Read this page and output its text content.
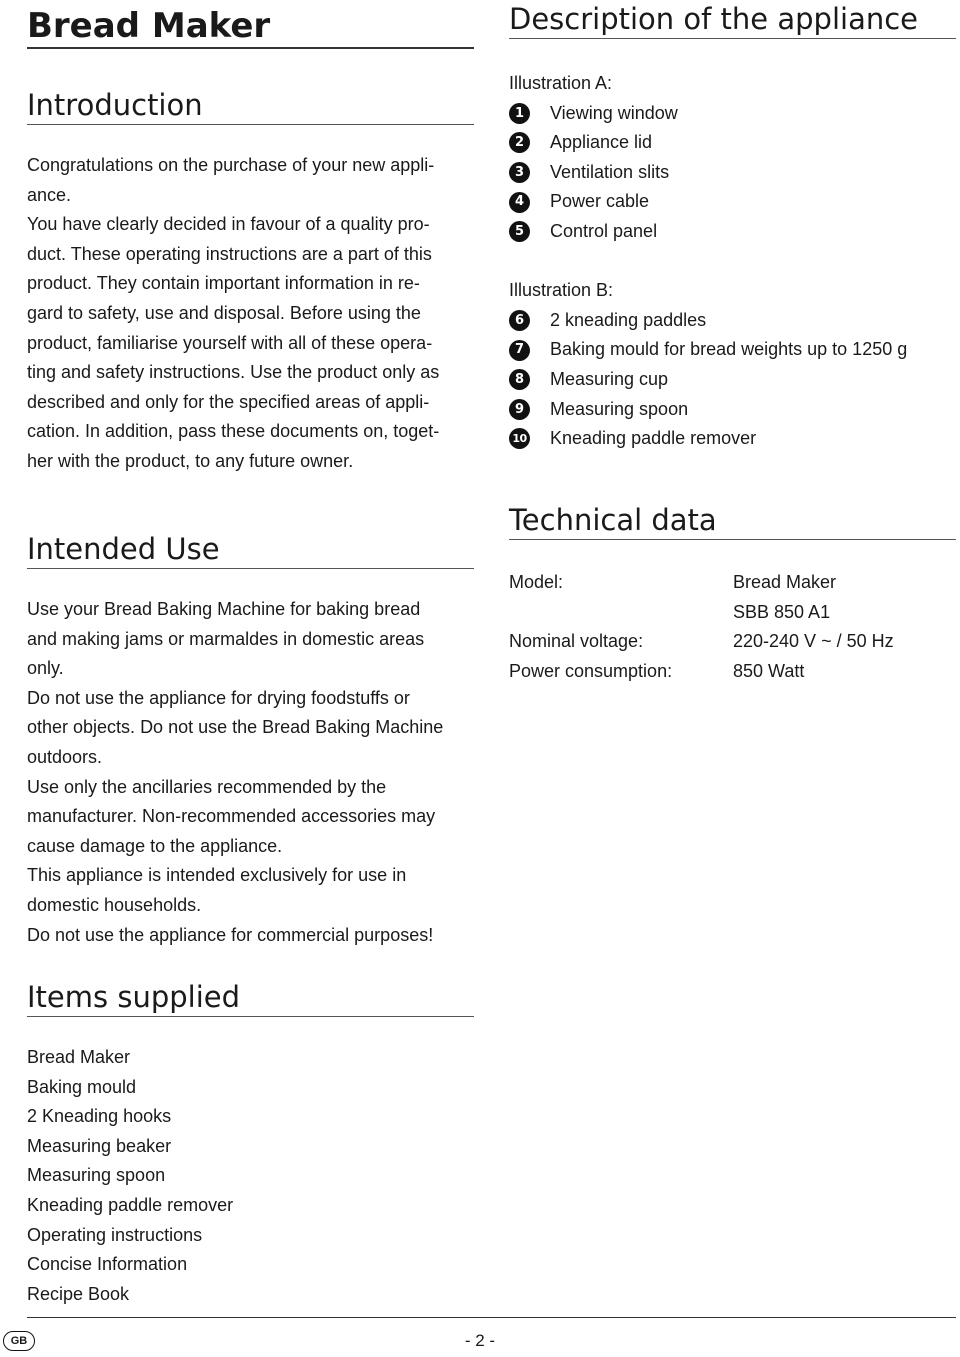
Bread Maker
Introduction

Congratulations on the purchase of your new appli-

ance.

You have clearly decided in favour of a quality pro-

duct. These operating instructions are a part of this

product. They contain important information in re-

gard to safety, use and disposal. Before using the

product, familiarise yourself with all of these opera-

ting and safety instructions. Use the product only as

described and only for the specified areas of appli-

cation. In addition, pass these documents on, toget-

her with the product, to any future owner.

Intended Use

Use your Bread Baking Machine for baking bread

and making jams or marmaldes in domestic areas

only.

Do not use the appliance for drying foodstuffs or

other objects. Do not use the Bread Baking Machine

outdoors.

Use only the ancillaries recommended by the

manufacturer. Non-recommended accessories may

cause damage to the appliance.

This appliance is intended exclusively for use in

domestic households.

Do not use the appliance for commercial purposes!

Items supplied
Bread Maker
Baking mould
2 Kneading hooks
Measuring beaker
Measuring spoon
Kneading paddle remover
Operating instructions
Concise Information
Recipe Book
Description of the appliance
Illustration A:
1	Viewing window
2	Appliance lid
3	Ventilation slits
4	Power cable
5	Control panel
Illustration B:
6	2 kneading paddles
7	Baking mould for bread weights up to 1250 g
8	Measuring cup
9	Measuring spoon
10 Kneading paddle remover
Technical data
Model:	Bread Maker
SBB 850 A1
Nominal voltage:	220-240 V ~ / 50 Hz
Power consumption:	850 Watt
GB	- 2 -
